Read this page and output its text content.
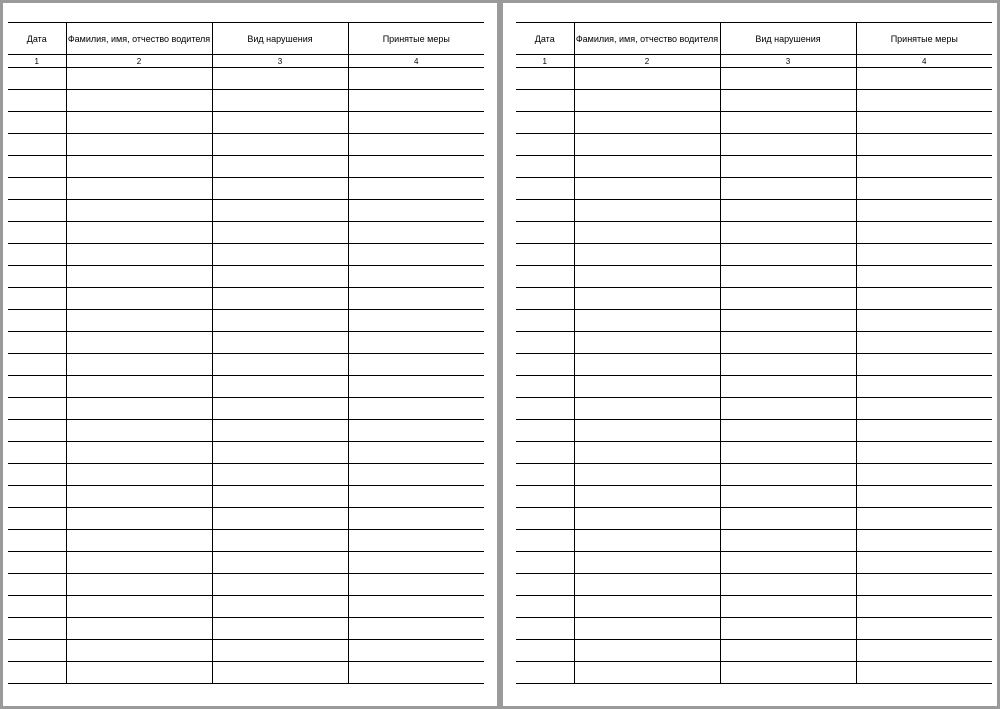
Дата	Фамилия, имя, отчество водителя	Вид нарушения	Принятые меры
1	2	3	4

Дата	Фамилия, имя, отчество водителя	Вид нарушения	Принятые меры
1	2	3	4
